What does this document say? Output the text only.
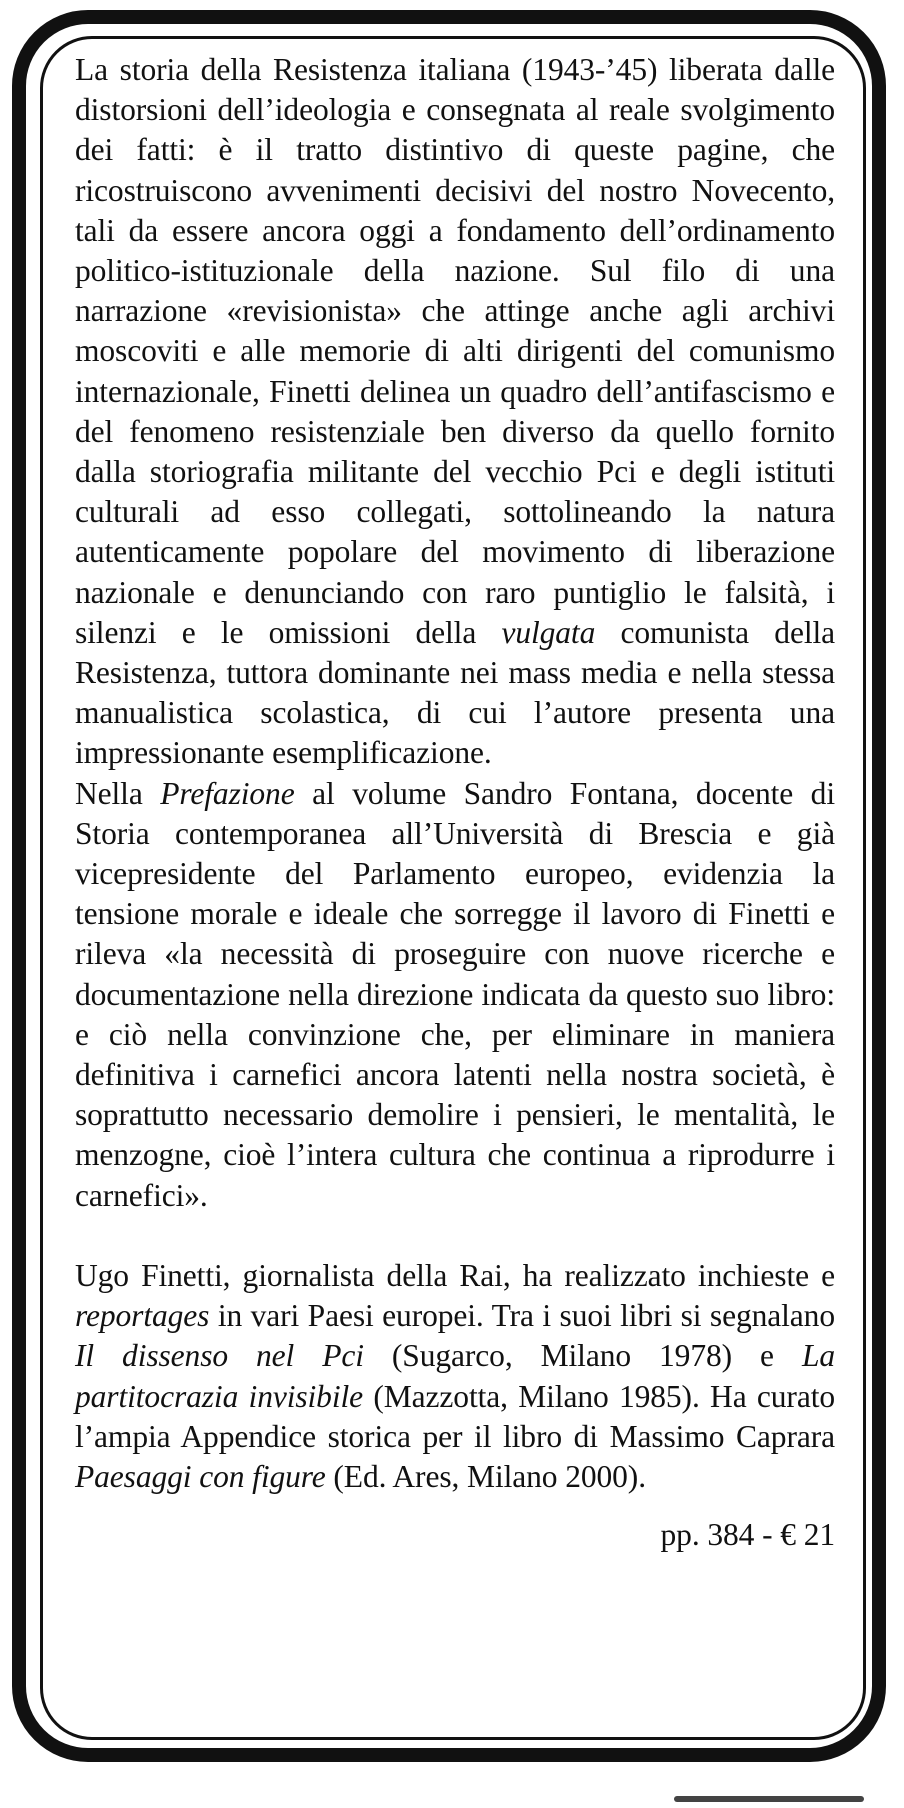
La storia della Resistenza italiana (1943-’45) liberata dalle distorsioni dell’ideologia e consegnata al reale svolgimento dei fatti: è il tratto distintivo di queste pagine, che ricostruiscono avvenimenti decisivi del nostro Novecento, tali da essere ancora oggi a fondamento dell’ordinamento politico-istituzionale della nazione. Sul filo di una narrazione «revisionista» che attinge anche agli archivi moscoviti e alle memorie di alti dirigenti del comunismo internazionale, Finetti delinea un quadro dell’antifascismo e del fenomeno resistenziale ben diverso da quello fornito dalla storiografia militante del vecchio Pci e degli istituti culturali ad esso collegati, sottolineando la natura autenticamente popolare del movimento di liberazione nazionale e denunciando con raro puntiglio le falsità, i silenzi e le omissioni della vulgata comunista della Resistenza, tuttora dominante nei mass media e nella stessa manualistica scolastica, di cui l’autore presenta una impressionante esemplificazione.

Nella Prefazione al volume Sandro Fontana, docente di Storia contemporanea all’Università di Brescia e già vicepresidente del Parlamento europeo, evidenzia la tensione morale e ideale che sorregge il lavoro di Finetti e rileva «la necessità di proseguire con nuove ricerche e documentazione nella direzione indicata da questo suo libro: e ciò nella convinzione che, per eliminare in maniera definitiva i carnefici ancora latenti nella nostra società, è soprattutto necessario demolire i pensieri, le mentalità, le menzogne, cioè l’intera cultura che continua a riprodurre i carnefici».

Ugo Finetti, giornalista della Rai, ha realizzato inchieste e reportages in vari Paesi europei. Tra i suoi libri si segnalano Il dissenso nel Pci (Sugarco, Milano 1978) e La partitocrazia invisibile (Mazzotta, Milano 1985). Ha curato l’ampia Appendice storica per il libro di Massimo Caprara Paesaggi con figure (Ed. Ares, Milano 2000).

pp. 384 - € 21
